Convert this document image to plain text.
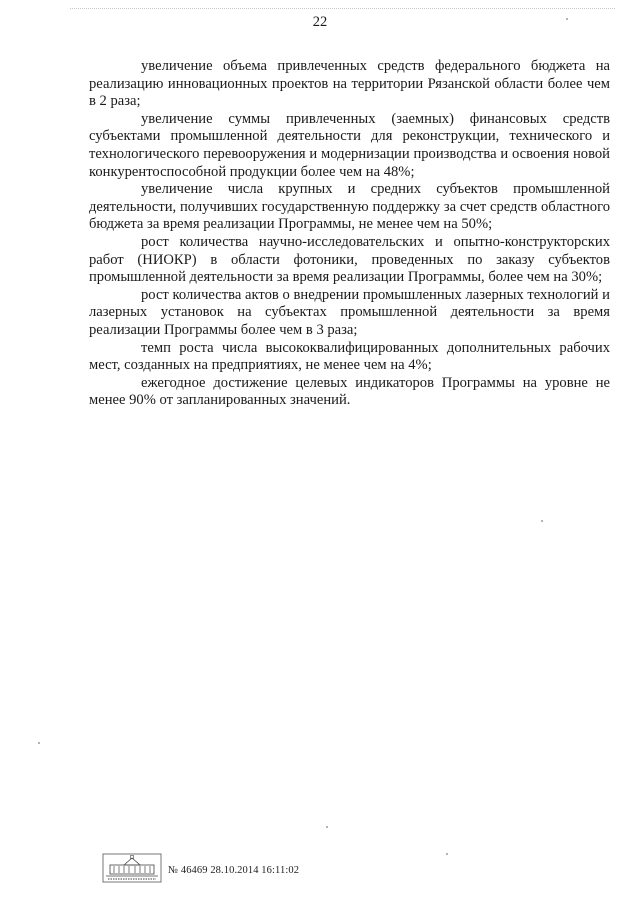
22

увеличение объема привлеченных средств федерального бюджета на реализацию инновационных проектов на территории Рязанской области более чем в 2 раза;

увеличение суммы привлеченных (заемных) финансовых средств субъектами промышленной деятельности для реконструкции, технического и технологического перевооружения и модернизации производства и освоения новой конкурентоспособной продукции более чем на 48%;

увеличение числа крупных и средних субъектов промышленной деятельности, получивших государственную поддержку за счет средств областного бюджета за время реализации Программы, не менее чем на 50%;

рост количества научно-исследовательских и опытно-конструкторских работ (НИОКР) в области фотоники, проведенных по заказу субъектов промышленной деятельности за время реализации Программы, более чем на 30%;

рост количества актов о внедрении промышленных лазерных технологий и лазерных установок на субъектах промышленной деятельности за время реализации Программы более чем в 3 раза;

темп роста числа высококвалифицированных дополнительных рабочих мест, созданных на предприятиях, не менее чем на 4%;

ежегодное достижение целевых индикаторов Программы на уровне не менее 90% от запланированных значений.

№ 46469 28.10.2014 16:11:02
